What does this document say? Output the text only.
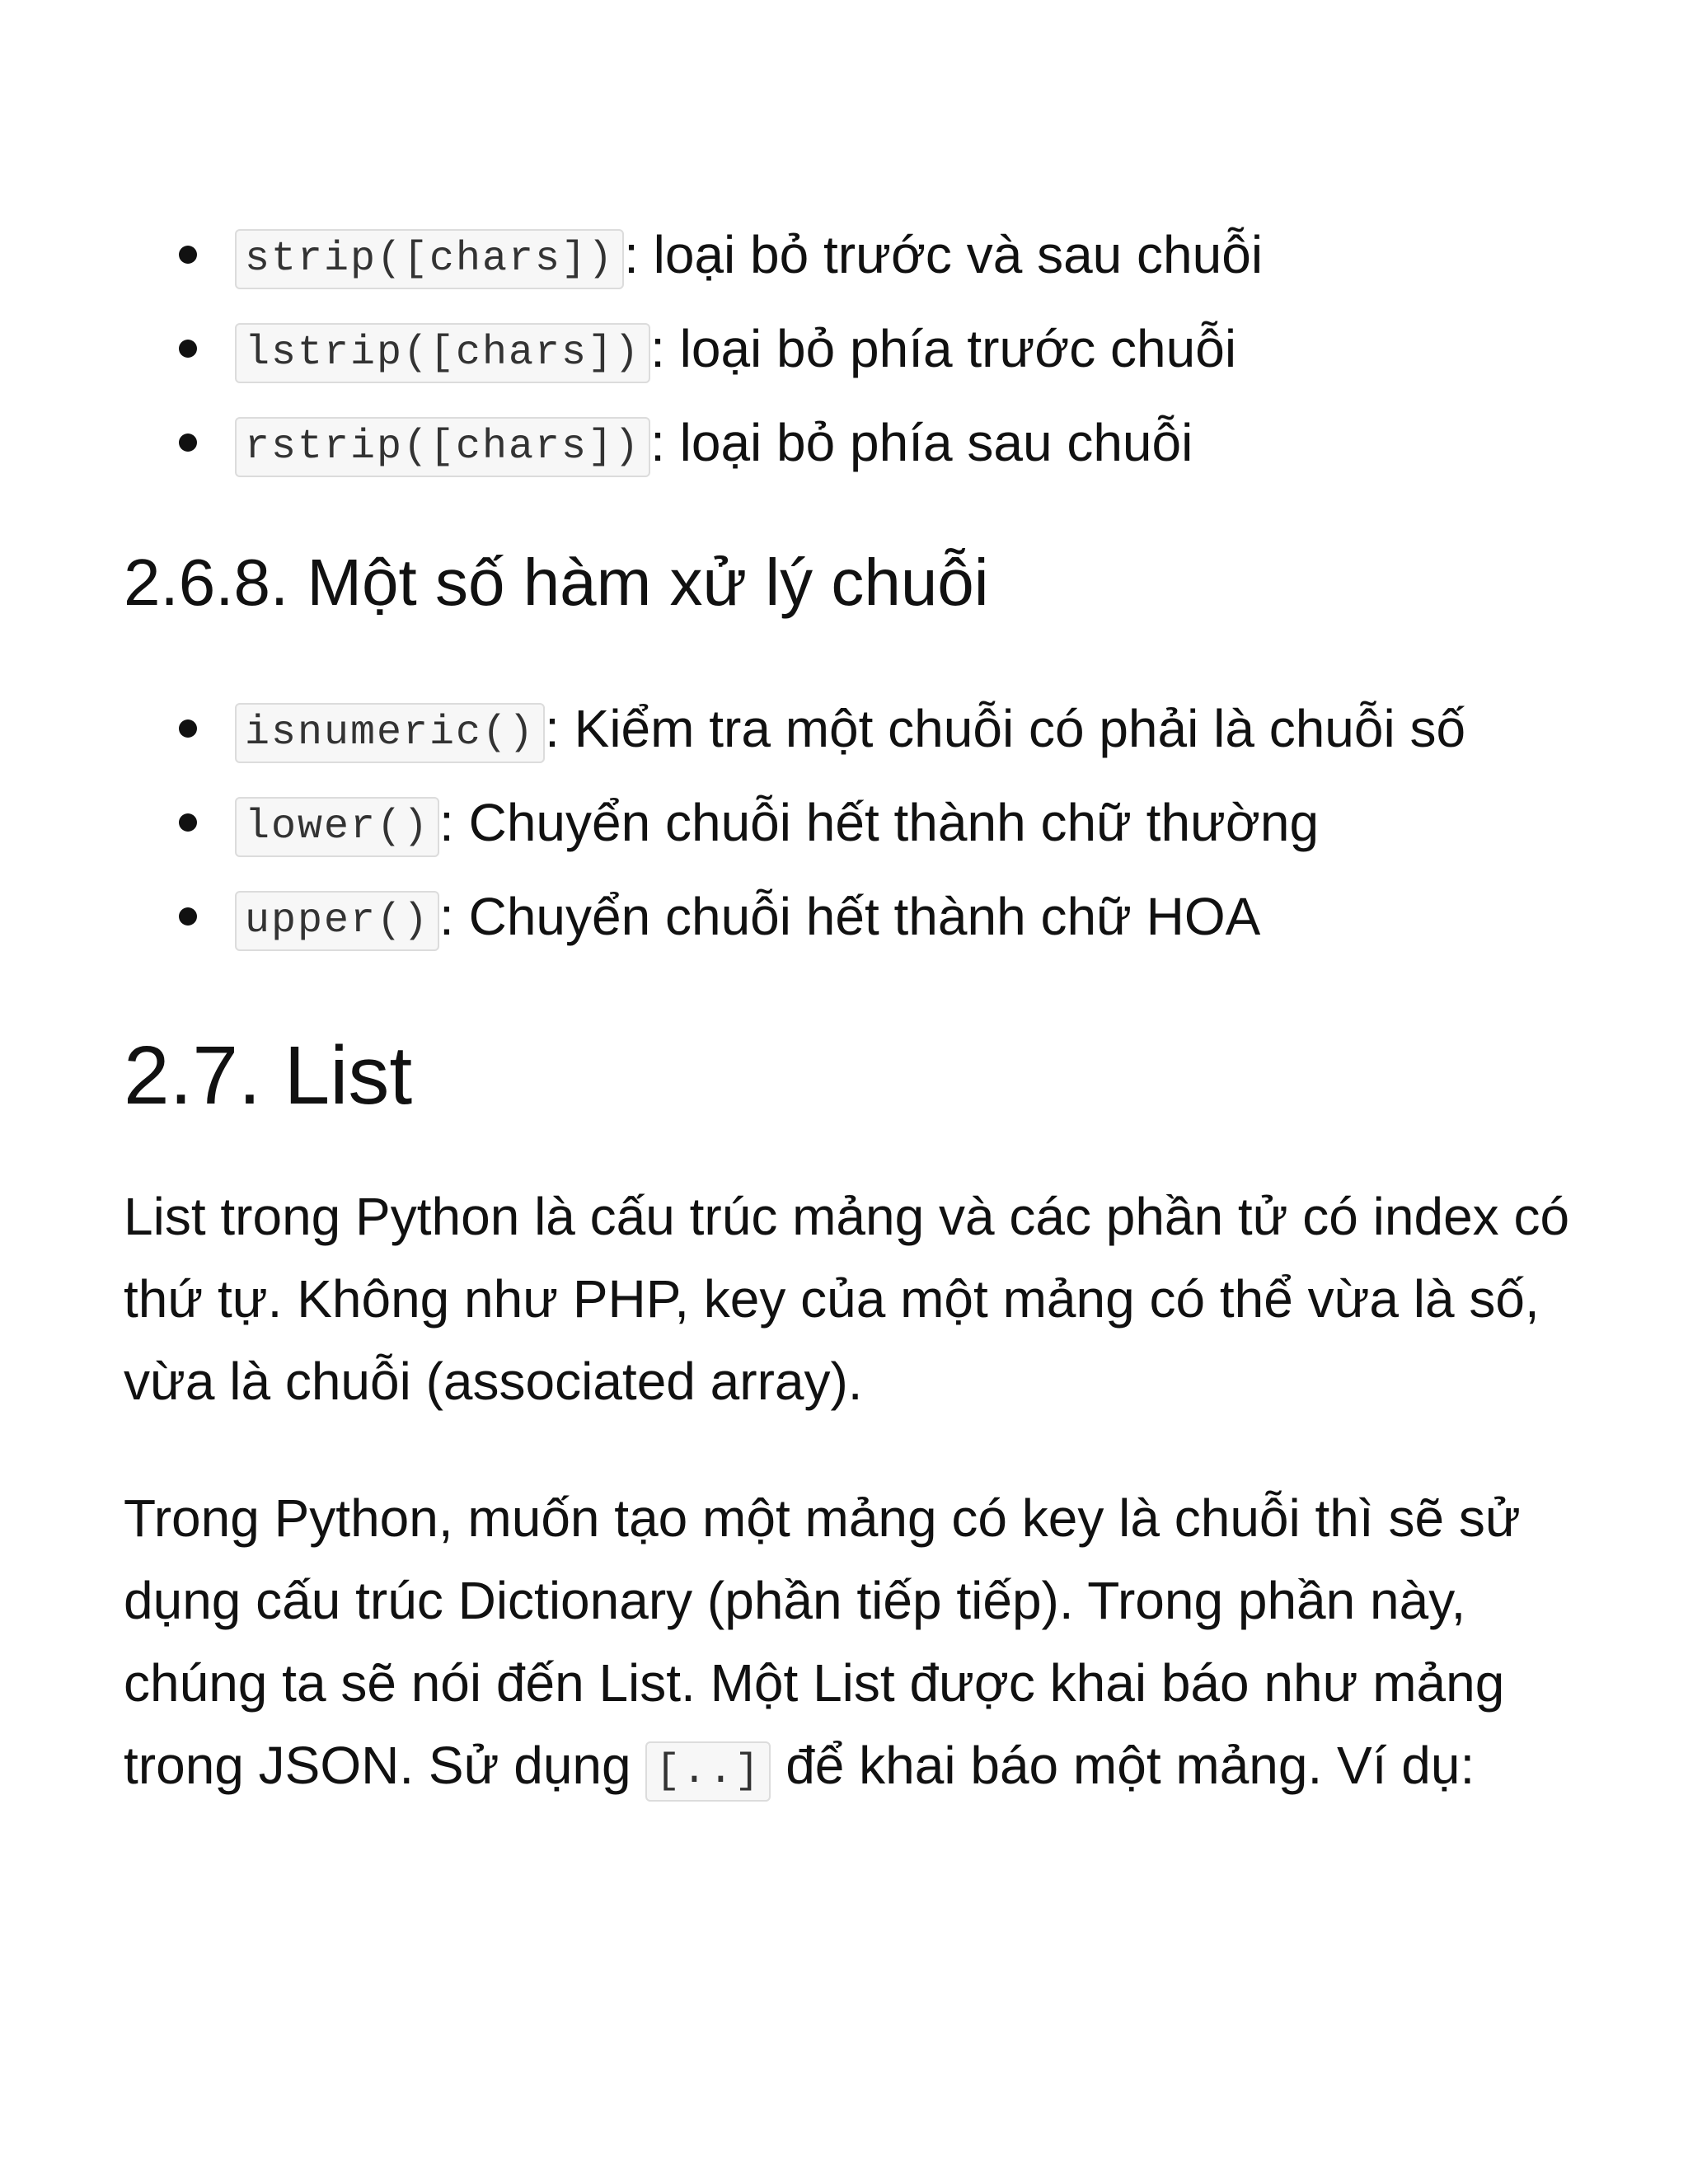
strip([chars]) : loại bỏ trước và sau chuỗi
lstrip([chars]) : loại bỏ phía trước chuỗi
rstrip([chars]) : loại bỏ phía sau chuỗi
2.6.8. Một số hàm xử lý chuỗi
isnumeric() : Kiểm tra một chuỗi có phải là chuỗi số
lower() : Chuyển chuỗi hết thành chữ thường
upper() : Chuyển chuỗi hết thành chữ HOA
2.7. List

List trong Python là cấu trúc mảng và các phần tử có index có thứ tự. Không như PHP, key của một mảng có thể vừa là số, vừa là chuỗi (associated array).

Trong Python, muốn tạo một mảng có key là chuỗi thì sẽ sử dụng cấu trúc Dictionary (phần tiếp tiếp). Trong phần này, chúng ta sẽ nói đến List. Một List được khai báo như mảng trong JSON. Sử dụng [..] để khai báo một mảng. Ví dụ:
